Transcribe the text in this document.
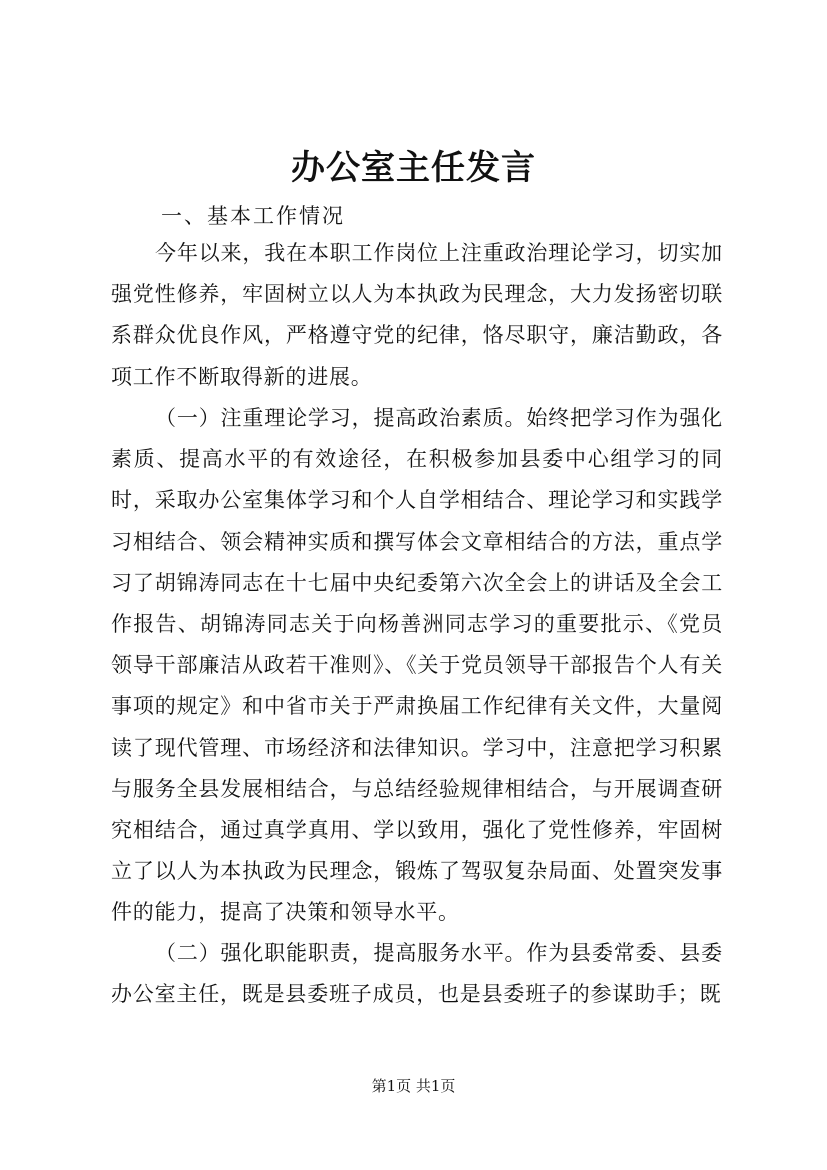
办公室主任发言
一、基本工作情况

今年以来，我在本职工作岗位上注重政治理论学习，切实加强党性修养，牢固树立以人为本执政为民理念，大力发扬密切联系群众优良作风，严格遵守党的纪律，恪尽职守，廉洁勤政，各项工作不断取得新的进展。

（一）注重理论学习，提高政治素质。始终把学习作为强化素质、提高水平的有效途径，在积极参加县委中心组学习的同时，采取办公室集体学习和个人自学相结合、理论学习和实践学习相结合、领会精神实质和撰写体会文章相结合的方法，重点学习了胡锦涛同志在十七届中央纪委第六次全会上的讲话及全会工作报告、胡锦涛同志关于向杨善洲同志学习的重要批示、《党员领导干部廉洁从政若干准则》、《关于党员领导干部报告个人有关事项的规定》和中省市关于严肃换届工作纪律有关文件，大量阅读了现代管理、市场经济和法律知识。学习中，注意把学习积累与服务全县发展相结合，与总结经验规律相结合，与开展调查研究相结合，通过真学真用、学以致用，强化了党性修养，牢固树立了以人为本执政为民理念，锻炼了驾驭复杂局面、处置突发事件的能力，提高了决策和领导水平。

（二）强化职能职责，提高服务水平。作为县委常委、县委办公室主任，既是县委班子成员，也是县委班子的参谋助手；既

第1页 共1页
